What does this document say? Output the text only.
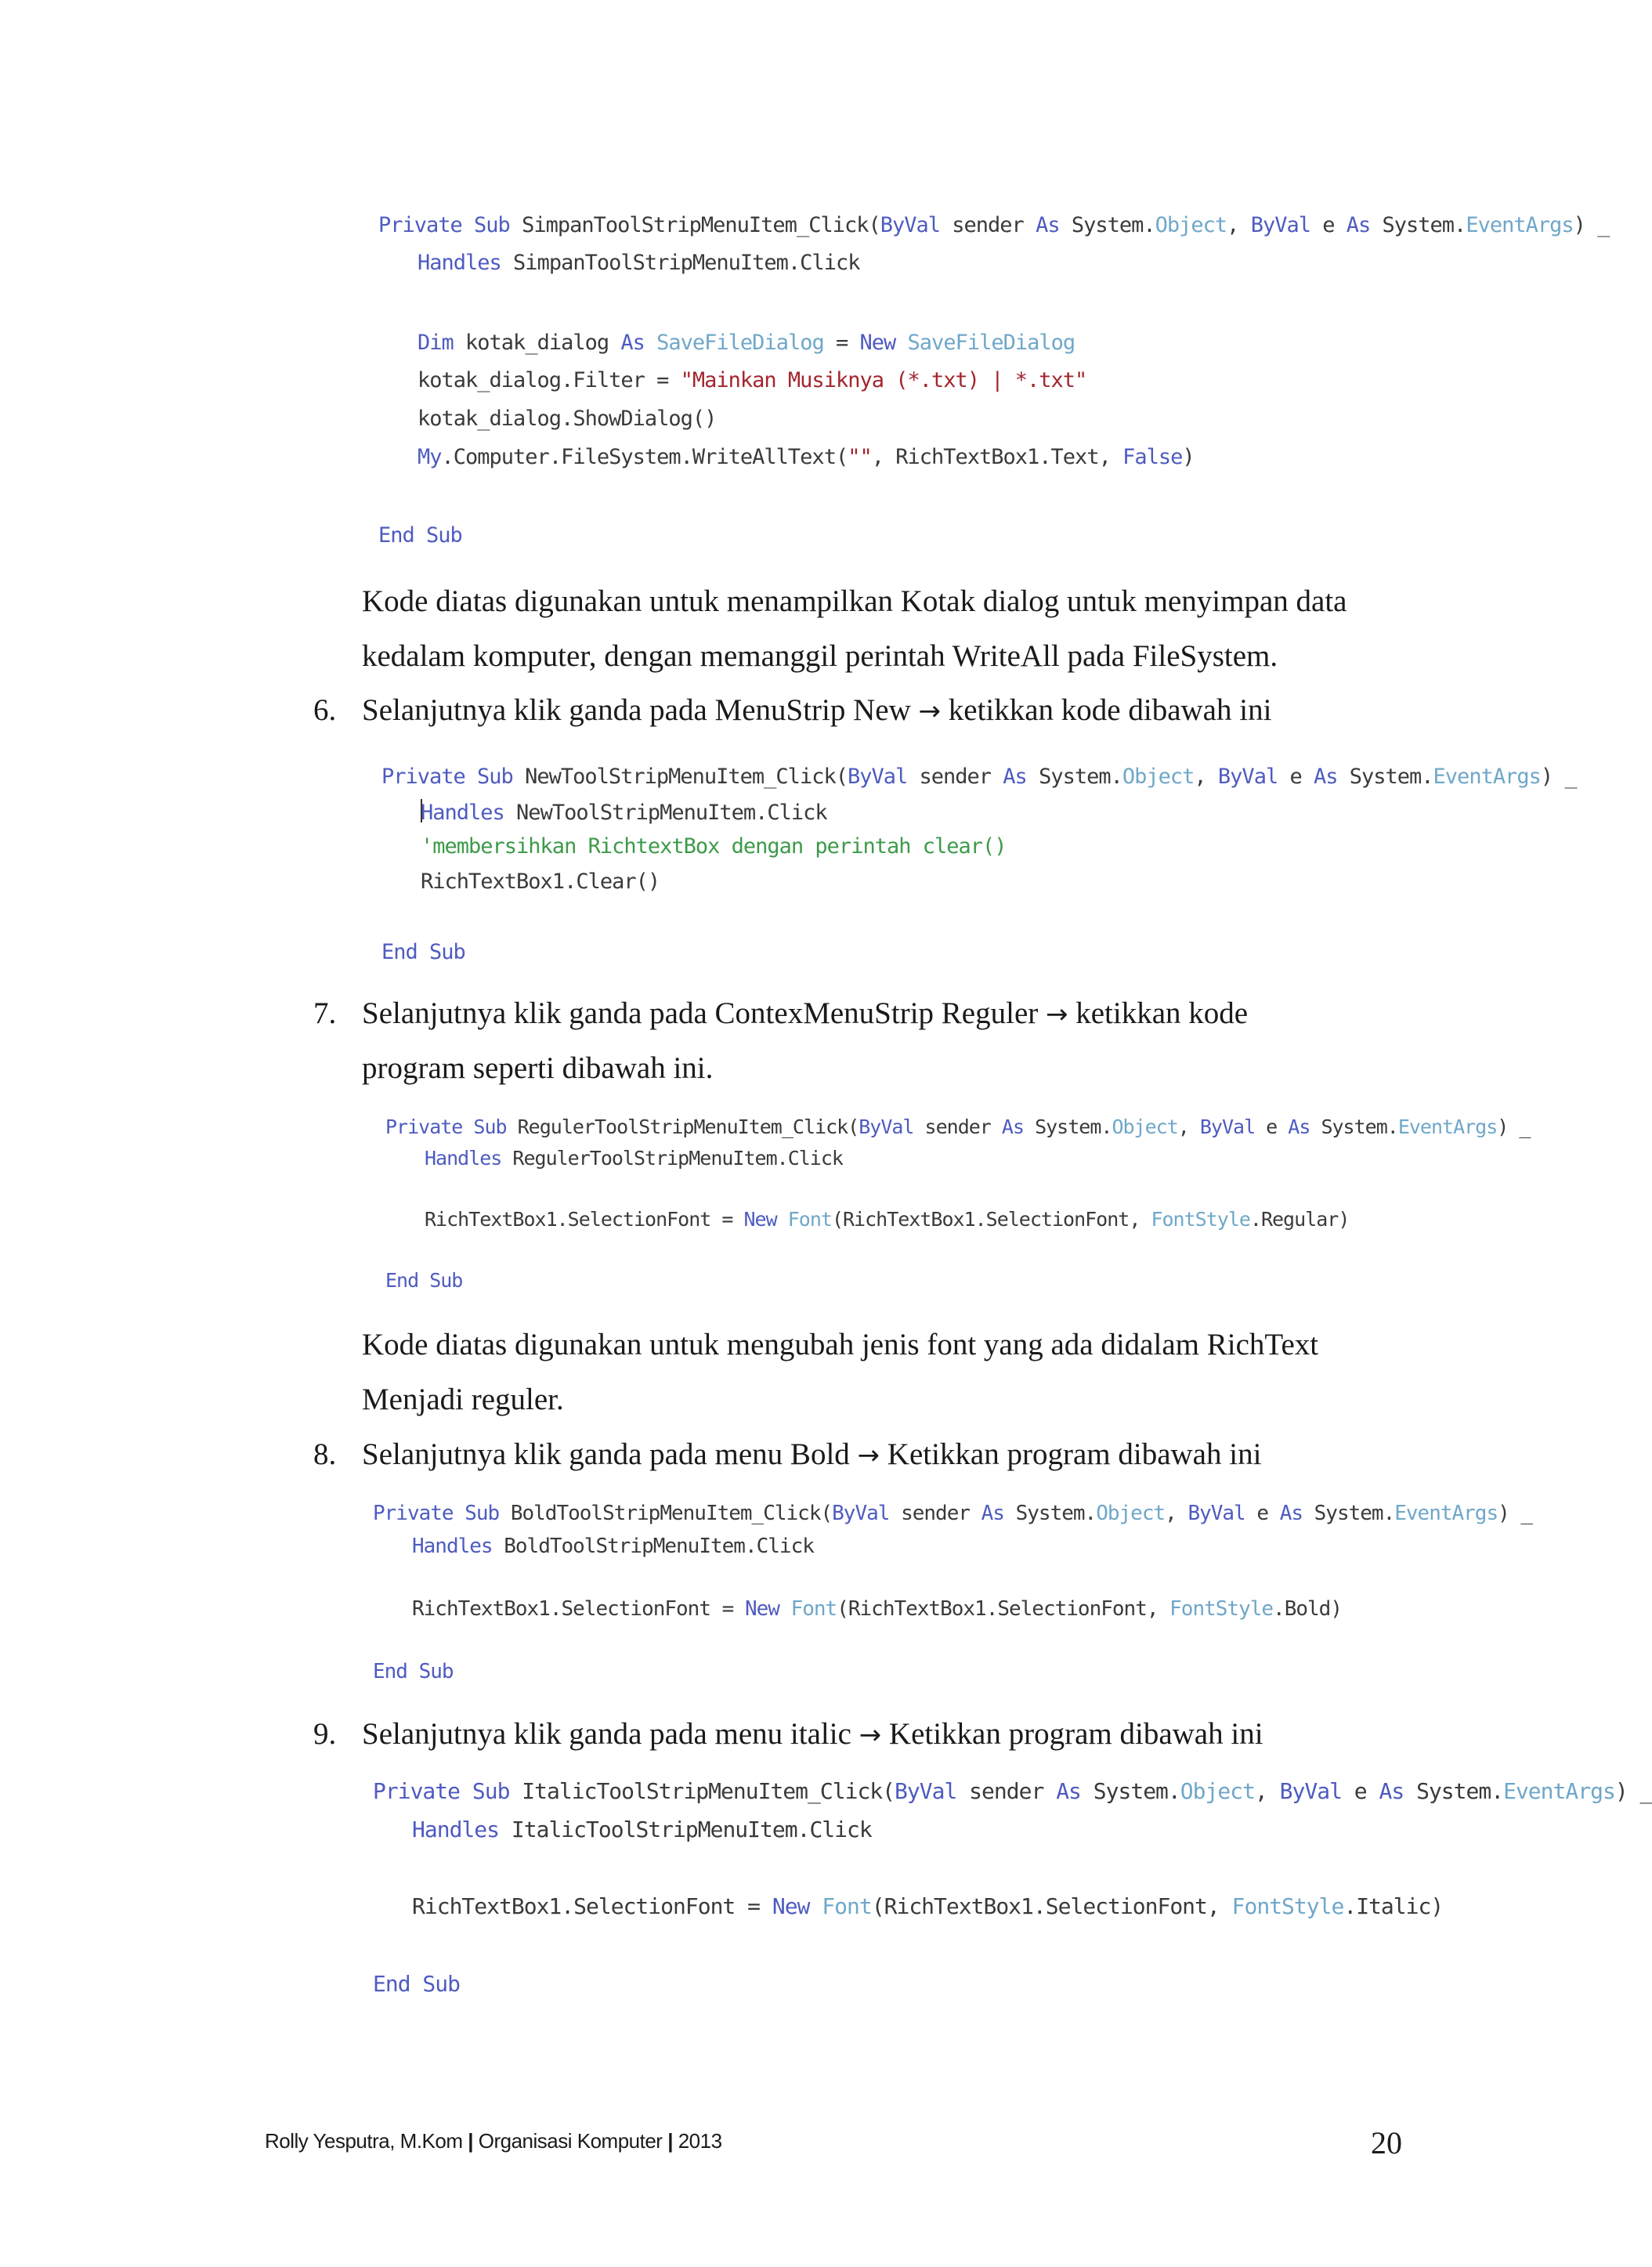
Private Sub SimpanToolStripMenuItem_Click(ByVal sender As System.Object, ByVal e As System.EventArgs) _

Handles SimpanToolStripMenuItem.Click

Dim kotak_dialog As SaveFileDialog = New SaveFileDialog

kotak_dialog.Filter = "Mainkan Musiknya (*.txt) | *.txt"

kotak_dialog.ShowDialog()

My.Computer.FileSystem.WriteAllText("", RichTextBox1.Text, False)

End Sub

Kode diatas digunakan untuk menampilkan Kotak dialog untuk menyimpan data
kedalam komputer, dengan memanggil perintah WriteAll pada FileSystem.
6. Selanjutnya klik ganda pada MenuStrip New → ketikkan kode dibawah ini

Private Sub NewToolStripMenuItem_Click(ByVal sender As System.Object, ByVal e As System.EventArgs) _

Handles NewToolStripMenuItem.Click

'membersihkan RichtextBox dengan perintah clear()

RichTextBox1.Clear()

End Sub

7. Selanjutnya klik ganda pada ContexMenuStrip Reguler → ketikkan kode
program seperti dibawah ini.

Private Sub RegulerToolStripMenuItem_Click(ByVal sender As System.Object, ByVal e As System.EventArgs) _

Handles RegulerToolStripMenuItem.Click

RichTextBox1.SelectionFont = New Font(RichTextBox1.SelectionFont, FontStyle.Regular)

End Sub

Kode diatas digunakan untuk mengubah jenis font yang ada didalam RichText
Menjadi reguler.
8. Selanjutnya klik ganda pada menu Bold → Ketikkan program dibawah ini

Private Sub BoldToolStripMenuItem_Click(ByVal sender As System.Object, ByVal e As System.EventArgs) _

Handles BoldToolStripMenuItem.Click

RichTextBox1.SelectionFont = New Font(RichTextBox1.SelectionFont, FontStyle.Bold)

End Sub

9. Selanjutnya klik ganda pada menu italic → Ketikkan program dibawah ini

Private Sub ItalicToolStripMenuItem_Click(ByVal sender As System.Object, ByVal e As System.EventArgs) _

Handles ItalicToolStripMenuItem.Click

RichTextBox1.SelectionFont = New Font(RichTextBox1.SelectionFont, FontStyle.Italic)

End Sub

Rolly Yesputra, M.Kom | Organisasi Komputer | 2013	20
